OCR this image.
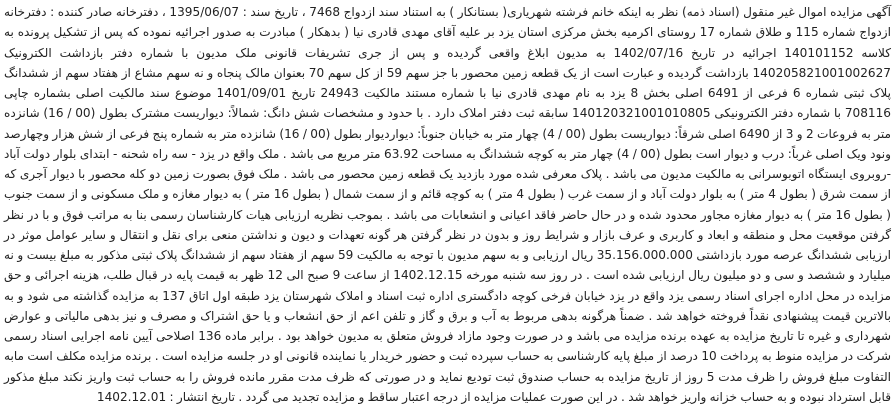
آگهی مزایده اموال غیر منقول (اسناد ذمه) نظر به اینکه خانم فرشته شهریاری( بستانکار ) به استناد سند ازدواج 7468 ، تاریخ سند : 1395/06/07 ، دفترخانه صادر کننده : دفترخانه ازدواج شماره 115 و طلاق شماره 17 روستای اکرمیه بخش مرکزی استان یزد بر علیه آقای مهدی قادری نیا ( بدهکار ) مبادرت به صدور اجرائیه نموده که پس از تشکیل پرونده به کلاسه 140101152 اجرائیه در تاریخ 1402/07/16 به مدیون ابلاغ واقعی گردیده و پس از جری تشریفات قانونی ملک مدیون با شماره دفتر بازداشت الکترونیک 140205821001002627 بازداشت گردیده و عبارت است از یک قطعه زمین محصور با جز سهم 59 از کل سهم 70 بعنوان مالک پنجاه و نه سهم مشاع از هفتاد سهم از ششدانگ پلاک ثبتی شماره 6 فرعی از 6491 اصلی بخش 8 یزد به نام مهدی قادری نیا با شماره مستند مالکیت 24943 تاریخ 1401/09/01 موضوع سند مالکیت اصلی بشماره چاپی 708116 با شماره دفتر الکترونیکی 140120321001010805 سابقه ثبت دفتر املاک دارد . با حدود و مشخصات شش دانگ: شمالاً: دیواریست مشترک بطول (00 / 16) شانزده متر به فروعات 2 و 3 از 6490 اصلی شرقاً: دیواریست بطول (00 / 4) چهار متر به خیابان جنوباً: دیواردیوار بطول (00 / 16) شانزده متر به شماره پنج فرعی از شش هزار وچهارصد ونود ویک اصلی غرباً: درب و دیوار است بطول (00 / 4) چهار متر به کوچه ششدانگ به مساحت 63.92 متر مربع می باشد . ملک واقع در یزد - سه راه شحنه - ابتدای بلوار دولت آباد -روبروی ایستگاه اتوبوسرانی به مالکیت مدیون می باشد . پلاک معرفی شده مورد بازدید یک قطعه زمین محصور می باشد . ملک فوق بصورت زمین دو کله محصور با دیوار آجری که از سمت شرق ( بطول 4 متر ) به بلوار دولت آباد و از سمت غرب ( بطول 4 متر ) به کوچه قائم و از سمت شمال ( بطول 16 متر ) به دیوار مغازه و ملک مسکونی و از سمت جنوب ( بطول 16 متر ) به دیوار مغازه مجاور محدود شده و در حال حاضر فاقد اعیانی و انشعابات می باشد . بموجب نظریه ارزیابی هیات کارشناسان رسمی بنا به مراتب فوق و با در نظر گرفتن موقعیت محل و منطقه و ابعاد و کاربری و عرف بازار و شرایط روز و بدون در نظر گرفتن هر گونه تعهدات و دیون و نداشتن منعی برای نقل و انتقال و سایر عوامل موثر در ارزیابی ششدانگ عرصه مورد بازداشتی 35.156.000.000 ریال ارزیابی و به سهم مدیون با توجه به مالکیت 59 سهم از هفتاد سهم از ششدانگ پلاک ثبتی مذکور به مبلغ بیست و نه میلیارد و ششصد و سی و دو میلیون ریال ارزیابی شده است . در روز سه شنبه مورخه 1402.12.15 از ساعت 9 صبح الی 12 ظهر به قیمت پایه در قبال طلب، هزینه اجرائی و حق مزایده در محل اداره اجرای اسناد رسمی یزد واقع در یزد خیابان فرخی کوچه دادگستری اداره ثبت اسناد و املاک شهرستان یزد طبقه اول اتاق 137 به مزایده گذاشته می شود و به بالاترین قیمت پیشنهادی نقداً فروخته خواهد شد . ضمناً هرگونه بدهی مربوط به آب و برق و گاز و تلفن اعم از حق انشعاب و یا حق اشتراک و مصرف و نیز بدهی مالیاتی و عوارض شهرداری و غیره تا تاریخ مزایده به عهده برنده مزایده می باشد و در صورت وجود مازاد فروش متعلق به مدیون خواهد بود . برابر ماده 136 اصلاحی آیین نامه اجرایی اسناد رسمی شرکت در مزایده منوط به پرداخت 10 درصد از مبلغ پایه کارشناسی به حساب سپرده ثبت و حضور خریدار یا نماینده قانونی او در جلسه مزایده است . برنده مزایده مکلف است مابه التفاوت مبلغ فروش را ظرف مدت 5 روز از تاریخ مزایده به حساب صندوق ثبت تودیع نماید و در صورتی که ظرف مدت مقرر مانده فروش را به حساب ثبت واریز نکند مبلغ مذکور قابل استرداد نبوده و به حساب خزانه واریز خواهد شد . در این صورت عملیات مزایده از درجه اعتبار ساقط و مزایده تجدید می گردد . تاریخ انتشار : 1402.12.01
